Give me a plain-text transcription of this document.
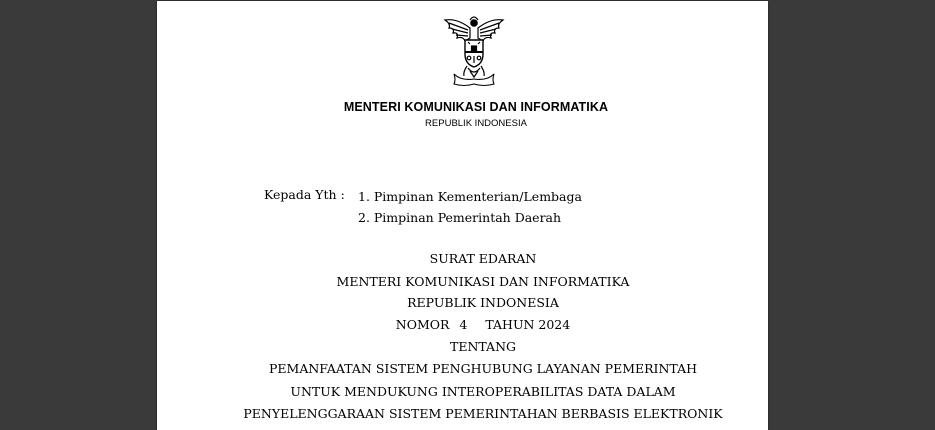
MENTERI KOMUNIKASI DAN INFORMATIKA
REPUBLIK INDONESIA
Kepada Yth : 1. Pimpinan Kementerian/Lembaga
2. Pimpinan Pemerintah Daerah
SURAT EDARAN
MENTERI KOMUNIKASI DAN INFORMATIKA
REPUBLIK INDONESIA
NOMOR 4 TAHUN 2024
TENTANG
PEMANFAATAN SISTEM PENGHUBUNG LAYANAN PEMERINTAH
UNTUK MENDUKUNG INTEROPERABILITAS DATA DALAM
PENYELENGGARAAN SISTEM PEMERINTAHAN BERBASIS ELEKTRONIK
